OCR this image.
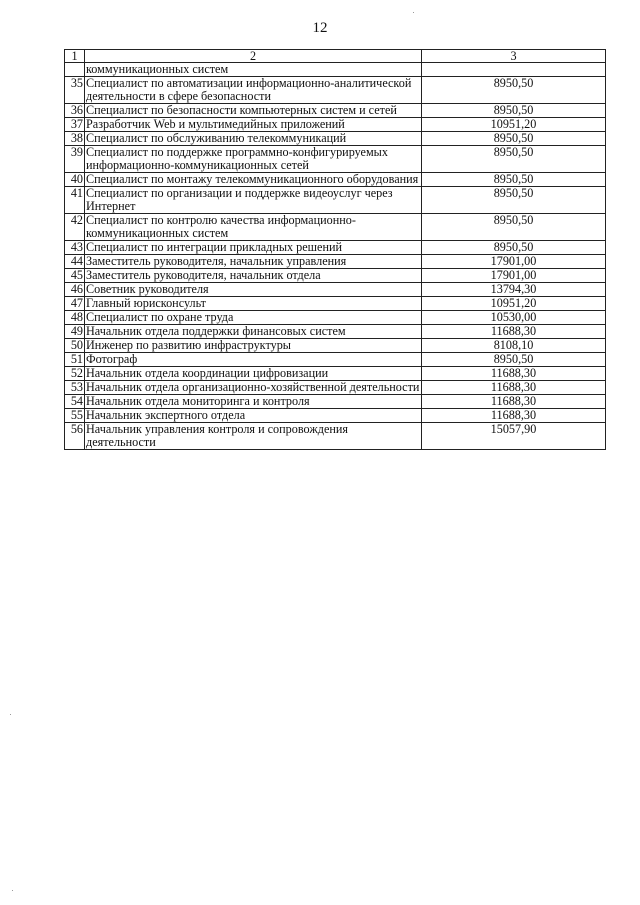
12
1	2	3
	коммуникационных систем	
35	Специалист по автоматизации информационно-аналитической деятельности в сфере безопасности	8950,50
36	Специалист по безопасности компьютерных систем и сетей	8950,50
37	Разработчик Web и мультимедийных приложений	10951,20
38	Специалист по обслуживанию телекоммуникаций	8950,50
39	Специалист по поддержке программно-конфигурируемых информационно-коммуникационных сетей	8950,50
40	Специалист по монтажу телекоммуникационного оборудования	8950,50
41	Специалист по организации и поддержке видеоуслуг через Интернет	8950,50
42	Специалист по контролю качества информационно-коммуникационных систем	8950,50
43	Специалист по интеграции прикладных решений	8950,50
44	Заместитель руководителя, начальник управления	17901,00
45	Заместитель руководителя, начальник отдела	17901,00
46	Советник руководителя	13794,30
47	Главный юрисконсульт	10951,20
48	Специалист по охране труда	10530,00
49	Начальник отдела поддержки финансовых систем	11688,30
50	Инженер по развитию инфраструктуры	8108,10
51	Фотограф	8950,50
52	Начальник отдела координации цифровизации	11688,30
53	Начальник отдела организационно-хозяйственной деятельности	11688,30
54	Начальник отдела мониторинга и контроля	11688,30
55	Начальник экспертного отдела	11688,30
56	Начальник управления контроля и сопровождения деятельности	15057,90
